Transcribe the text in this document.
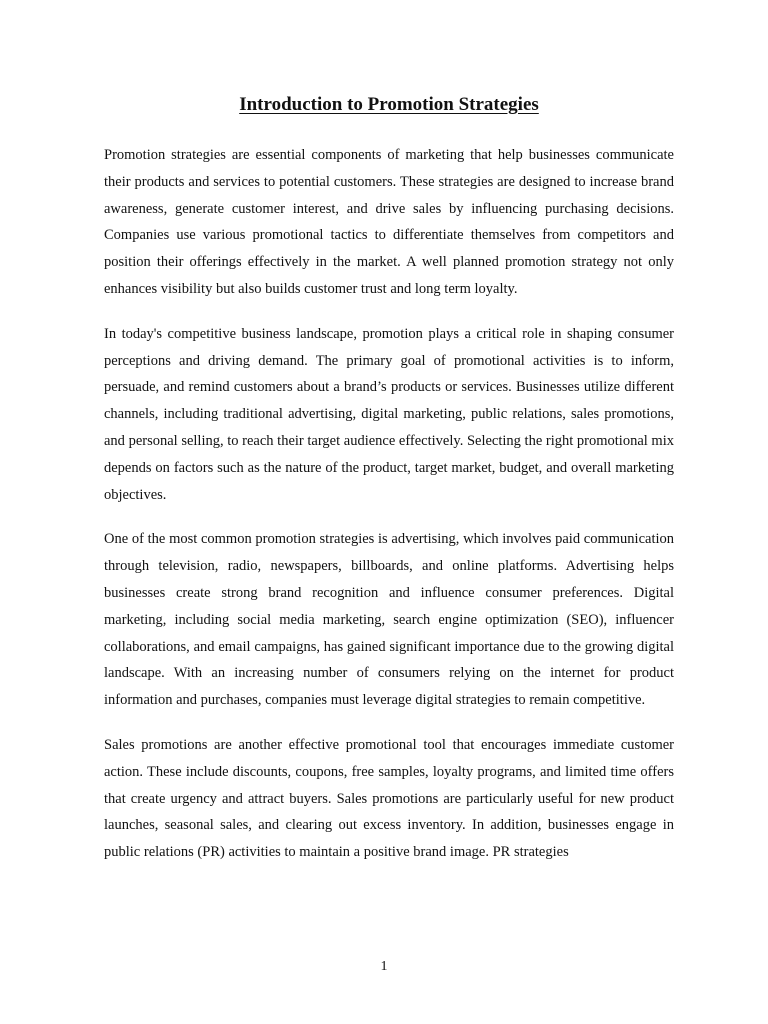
Introduction to Promotion Strategies

Promotion strategies are essential components of marketing that help businesses communicate their products and services to potential customers. These strategies are designed to increase brand awareness, generate customer interest, and drive sales by influencing purchasing decisions. Companies use various promotional tactics to differentiate themselves from competitors and position their offerings effectively in the market. A well planned promotion strategy not only enhances visibility but also builds customer trust and long term loyalty.

In today's competitive business landscape, promotion plays a critical role in shaping consumer perceptions and driving demand. The primary goal of promotional activities is to inform, persuade, and remind customers about a brand’s products or services. Businesses utilize different channels, including traditional advertising, digital marketing, public relations, sales promotions, and personal selling, to reach their target audience effectively. Selecting the right promotional mix depends on factors such as the nature of the product, target market, budget, and overall marketing objectives.

One of the most common promotion strategies is advertising, which involves paid communication through television, radio, newspapers, billboards, and online platforms. Advertising helps businesses create strong brand recognition and influence consumer preferences. Digital marketing, including social media marketing, search engine optimization (SEO), influencer collaborations, and email campaigns, has gained significant importance due to the growing digital landscape. With an increasing number of consumers relying on the internet for product information and purchases, companies must leverage digital strategies to remain competitive.

Sales promotions are another effective promotional tool that encourages immediate customer action. These include discounts, coupons, free samples, loyalty programs, and limited time offers that create urgency and attract buyers. Sales promotions are particularly useful for new product launches, seasonal sales, and clearing out excess inventory. In addition, businesses engage in public relations (PR) activities to maintain a positive brand image. PR strategies

1
